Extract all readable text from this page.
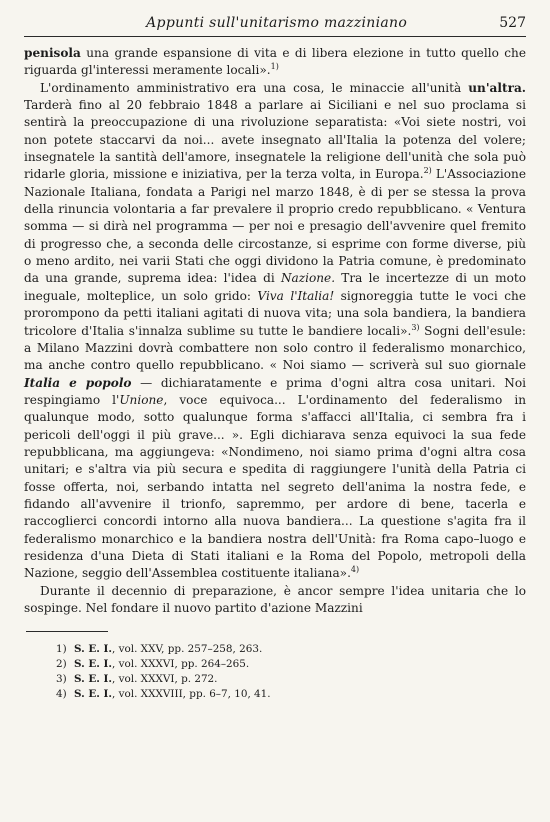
Appunti sull'unitarismo mazziniano	527

penisola una grande espansione di vita e di libera elezione in tutto quello che riguarda gl'interessi meramente locali».$^{1)}$

L'ordinamento amministrativo era una cosa, le minaccie all'unità un'altra. Tarderà fino al 20 febbraio 1848 a parlare ai Siciliani e nel suo proclama si sentirà la preoccupazione di una rivoluzione separatista: «Voi siete nostri, voi non potete staccarvi da noi... avete insegnato all'Italia la potenza del volere; insegnatele la santità dell'amore, insegnatele la religione dell'unità che sola può ridarle gloria, missione e iniziativa, per la terza volta, in Europa.$^{2)}$ L'Associazione Nazionale Italiana, fondata a Parigi nel marzo 1848, è di per se stessa la prova della rinuncia volontaria a far prevalere il proprio credo repubblicano. « Ventura somma — si dirà nel programma — per noi e presagio dell'avvenire quel fremito di progresso che, a seconda delle circostanze, si esprime con forme diverse, più o meno ardito, nei varii Stati che oggi dividono la Patria comune, è predominato da una grande, suprema idea: l'idea di Nazione. Tra le incertezze di un moto ineguale, molteplice, un solo grido: Viva l'Italia! signoreggia tutte le voci che prorompono da petti italiani agitati di nuova vita; una sola bandiera, la bandiera tricolore d'Italia s'innalza sublime su tutte le bandiere locali».$^{3)}$ Sogni dell'esule: a Milano Mazzini dovrà combattere non solo contro il federalismo monarchico, ma anche contro quello repubblicano. « Noi siamo — scriverà sul suo giornale Italia e popolo — dichiaratamente e prima d'ogni altra cosa unitari. Noi respingiamo l'Unione, voce equivoca... L'ordinamento del federalismo in qualunque modo, sotto qualunque forma s'affacci all'Italia, ci sembra fra i pericoli dell'oggi il più grave... ». Egli dichiarava senza equivoci la sua fede repubblicana, ma aggiungeva: «Nondimeno, noi siamo prima d'ogni altra cosa unitari; e s'altra via più secura e spedita di raggiungere l'unità della Patria ci fosse offerta, noi, serbando intatta nel segreto dell'anima la nostra fede, e fidando all'avvenire il trionfo, sapremmo, per ardore di bene, tacerla e raccoglierci concordi intorno alla nuova bandiera... La questione s'agita fra il federalismo monarchico e la bandiera nostra dell'Unità: fra Roma capo–luogo e residenza d'una Dieta di Stati italiani e la Roma del Popolo, metropoli della Nazione, seggio dell'Assemblea costituente italiana».$^{4)}$

Durante il decennio di preparazione, è ancor sempre l'idea unitaria che lo sospinge. Nel fondare il nuovo partito d'azione Mazzini

1) S. E. I., vol. XXV, pp. 257–258, 263.
2) S. E. I., vol. XXXVI, pp. 264–265.
3) S. E. I., vol. XXXVI, p. 272.
4) S. E. I., vol. XXXVIII, pp. 6–7, 10, 41.
